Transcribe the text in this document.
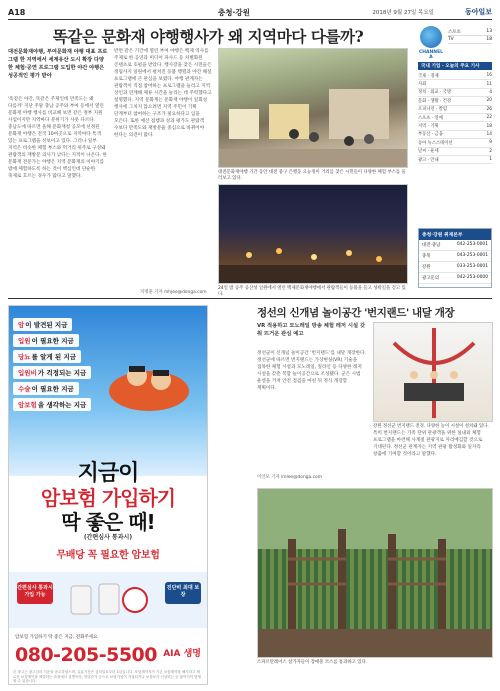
A18	충청·강원	2018년 9월 27일 목요일	동아일보
똑같은 문화재 야행행사가 왜 지역마다 다를까?
대전문화재야행, 부여문화재 야행 대표 프로그램 한 지역에서 세계유산 도시 확장 다양한 체험·공연 프로그램 도입한 야간 야행은 성공적인 평가 받아
'똑같은 야간, 똑같은 주제인데 만족도는 왜 다를까' 지난 주말 충남 공주와 부여 등에서 열린 문화재 야행 행사를 비교해 보면 같은 정부 지원 사업이지만 지역마다 분위기가 사뭇 다르다. 충남도에 따르면 올해 문화재청 공모에 선정된 문화재 야행은 전국 10여곳으로 지역마다 특색 있는 프로그램을 선보이고 있다. 그러나 일부 지역은 비슷한 체험 부스와 먹거리 위주로 구성돼 관람객의 재방문 의사가 낮다는 지적이 나온다. 한 문화재 전문가는 야행은 지역 문화재의 이야기를 밤에 체험하도록 하는 것이 핵심인데 단순한 축제로 흐르는 경우가 많다고 말했다.
반면 같은 기간에 열린 부여 야행은 백제 역사를 주제로 한 공연과 미디어 파사드 등 차별화된 콘텐츠로 호평을 받았다. 행사장을 찾은 시민들은 정림사지 일원에서 펼쳐진 등불 행렬과 야간 해설 프로그램에 큰 관심을 보였다. 야행 관계자는 관람객이 직접 참여하는 프로그램을 늘리고 지역 상인과 연계해 체류 시간을 늘리는 데 주력했다고 설명했다. 지역 문화계는 문화재 야행이 일회성 행사에 그치지 않으려면 지역 주민이 기획 단계부터 참여하는 구조가 필요하다고 입을 모은다. 또한 예산 집행과 성과 평가도 관람객 수보다 만족도와 재방문율 중심으로 바뀌어야 한다는 의견이 많다.
지명훈 기자 mhjee@donga.com
대전문화재야행 기간 동안 대전 중구 은행동 으능정이 거리를 찾은 시민들이 다양한 체험 부스를 둘러보고 있다.
24일 밤 공주 공산성 일원에서 열린 백제문화재야행에서 관람객들이 등불을 들고 성곽길을 걷고 있다.
CHANNEL A
스포츠	13
TV	18
국내 기업 · 오늘의 주요 기사
국제 · 경제	16
사회	11
정치 · 외교 · 국방	4
문화 · 생활 · 건강	20
오피니언 · 칼럼	26
스포츠 · 연예	22
지역 · 기획	18
부동산 · 금융	14
동아 뉴스스테이션	9
날씨 · 운세	2
광고 · 안내	1
충청·강원 취재본부
대전·충남	042-253-0001
충북	043-253-0001
강원	033-253-0001
광고문의	042-253-0000
암 이 발견된 지금
입원 이 필요한 지금
당뇨 를 알게 된 지금
입원비 가 걱정되는 지금
수술 이 필요한 지금
암보험 을 생각하는 지금
지금이
암보험 가입하기
딱 좋은 때!
(간편심사 통과시)
무배당 꼭 필요한 암보험
간편심사 통과시 가입 가능
진단비 최대 보장
암보험 가입하기 딱 좋은 지금, 전화주세요
080-205-5500 AIA 생명
본 광고는 광고심의 기준을 준수하였으며, 유효기간은 심의일로부터 1년입니다. 보험계약자가 기존 보험계약을 해지하고 새로운 보험계약을 체결하는 과정에서 질병이력, 연령증가 등으로 보험가입이 거절되거나 보험료가 인상되는 등 불이익이 발생할 수 있습니다.
정선의 신개념 놀이공간 '번지랜드' 내달 개장
VR 적용하고 모노레일 방송 체험 레저 시설 갖춰 뜨거운 관심 예고
정선군이 신개념 놀이공간 '번지랜드'를 내달 개장한다. 정선군에 따르면 번지랜드는 가상현실(VR) 기술을 접목한 체험 시설과 모노레일, 짚라인 등 다양한 레저 시설을 갖춘 복합 놀이공간으로 조성됐다. 군은 시범 운영을 거쳐 안전 점검을 마친 뒤 정식 개장할 계획이다.
특히 번지랜드는 가족 단위 관광객을 위한 실내외 체험 프로그램을 마련해 사계절 관광지로 자리매김할 것으로 기대된다. 정선군 관계자는 지역 관광 활성화와 일자리 창출에 기여할 것이라고 말했다.
이인모 기자 imlee@donga.com
강원 정선군 번지랜드 전경. 다양한 놀이 시설이 설치돼 있다.
스파르탄레이스 참가자들이 장애물 코스를 통과하고 있다.
